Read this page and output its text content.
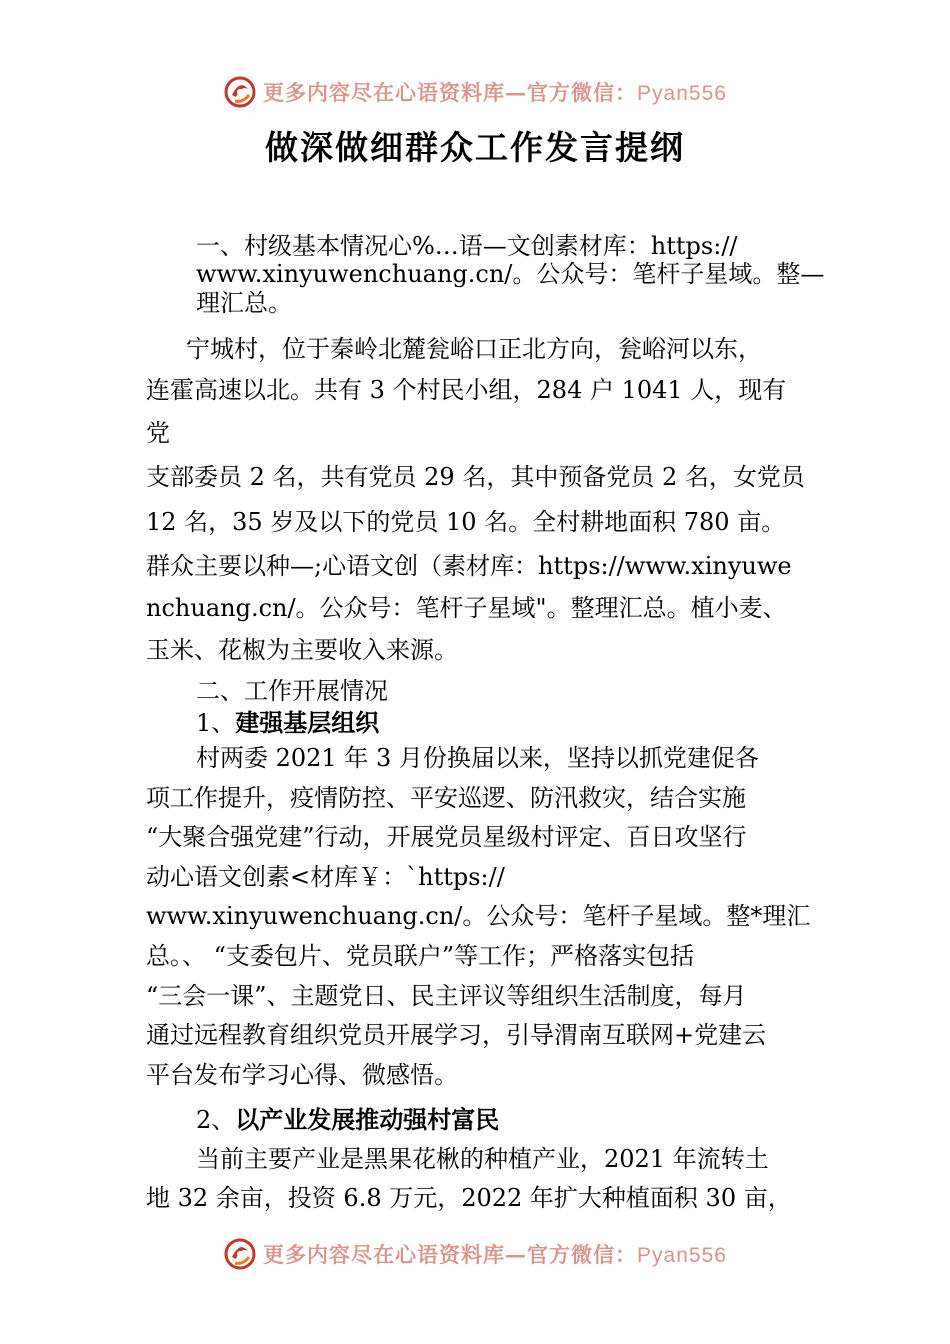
更多内容尽在心语资料库—官方微信：Pyan556
做深做细群众工作发言提纲
一、村级基本情况心%…语—文创素材库：https://
www.xinyuwenchuang.cn/。公众号：笔杆子星域。整—
理汇总。
宁城村，位于秦岭北麓瓮峪口正北方向，瓮峪河以东，
连霍高速以北。共有 3 个村民小组，284 户 1041 人，现有
党
支部委员 2 名，共有党员 29 名，其中预备党员 2 名，女党员
12 名，35 岁及以下的党员 10 名。全村耕地面积 780 亩。
群众主要以种—;心语文创（素材库：https://www.xinyuwe
nchuang.cn/。公众号：笔杆子星域"。整理汇总。植小麦、
玉米、花椒为主要收入来源。
二、工作开展情况
1、建强基层组织
村两委 2021 年 3 月份换届以来，坚持以抓党建促各
项工作提升，疫情防控、平安巡逻、防汛救灾，结合实施
“大聚合强党建”行动，开展党员星级村评定、百日攻坚行
动心语文创素<材库￥：`https://
www.xinyuwenchuang.cn/。公众号：笔杆子星域。整*理汇
总。、 “支委包片、党员联户”等工作；严格落实包括
“三会一课”、主题党日、民主评议等组织生活制度，每月
通过远程教育组织党员开展学习，引导渭南互联网+党建云
平台发布学习心得、微感悟。
2、以产业发展推动强村富民
当前主要产业是黑果花楸的种植产业，2021 年流转土
地 32 余亩，投资 6.8 万元，2022 年扩大种植面积 30 亩，
更多内容尽在心语资料库—官方微信：Pyan556
